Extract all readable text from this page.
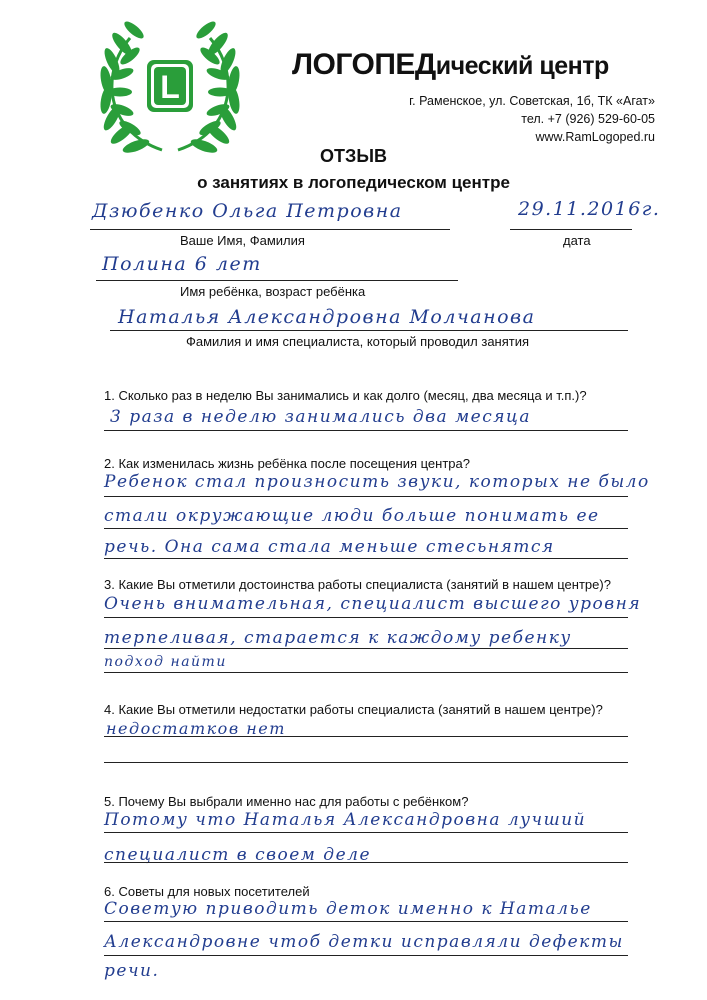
L
ЛОГОПЕДический центр
г. Раменское, ул. Советская, 1б, ТК «Агат»
тел. +7 (926) 529-60-05
www.RamLogoped.ru
ОТЗЫВ
о занятиях в логопедическом центре
Дзюбенко Ольга Петровна
Ваше Имя, Фамилия
29.11.2016г.
дата
Полина 6 лет
Имя ребёнка, возраст ребёнка
Наталья Александровна Молчанова
Фамилия и имя специалиста, который проводил занятия
1. Сколько раз в неделю Вы занимались и как долго (месяц, два месяца и т.п.)?
3 раза в неделю занимались два месяца
2. Как изменилась жизнь ребёнка после посещения центра?
Ребенок стал произносить звуки, которых не было
стали окружающие люди больше понимать ее
речь. Она сама стала меньше стесьнятся
3. Какие Вы отметили достоинства работы специалиста (занятий в нашем центре)?
Очень внимательная, специалист высшего уровня
терпеливая, старается к каждому ребенку
подход найти
4. Какие Вы отметили недостатки работы специалиста (занятий в нашем центре)?
недостатков нет
5. Почему Вы выбрали именно нас для работы с ребёнком?
Потому что Наталья Александровна лучший
специалист в своем деле
6. Советы для новых посетителей
Советую приводить деток именно к Наталье
Александровне чтоб детки исправляли дефекты
речи.
